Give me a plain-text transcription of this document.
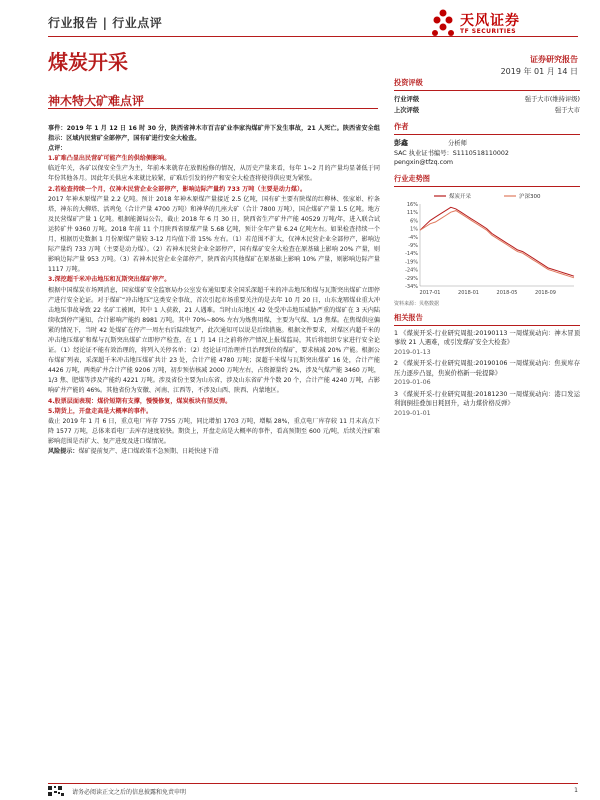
行业报告 | 行业点评	天风证券
TF SECURITIES
煤炭开采	证券研究报告
2019 年 01 月 14 日
神木特大矿难点评

事件：2019 年 1 月 12 日 16 时 30 分，陕西省神木市百吉矿业李家沟煤矿井下发生事故，21 人死亡。陕西省安全组指示：区域内民营矿全部停产，国有矿进行安全大检查。

点评：

1.矿难凸显出民营矿可能产生的供给侧影响。

临近年关，各矿以保安全生产为主，年前本来就存在放假检修的情况，从历史产量来看，每年 1~2 月的产量均显著低于同年份其他各月。因此年关供应本来就比较紧，矿难后引发的停产和安全大检查将使得供应更为紧张。

2.若检查持续一个月，仅神木民营企业全部停产，影响边际产量约 733 万吨（主要是动力煤）。

2017 年神木原煤产量 2.2 亿吨。预计 2018 年神木原煤产量接近 2.5 亿吨，国有矿主要有陕煤的红柳林、张家峁、柠条塔，神东的大柳塔、活鸡兔（合计产量 4700 万吨）和神华的几座大矿（合计 7800 万吨），国企煤矿产量 1.5 亿吨。地方及民营煤矿产量 1 亿吨。根据能源局公告，截止 2018 年 6 月 30 日，陕西省生产矿井产能 40529 万吨/年，进入联合试运转矿井 9360 万吨。2018 年前 11 个月陕西省原煤产量 5.68 亿吨，预计全年产量 6.24 亿吨左右。如果检查持续一个月，根据历史数据 1 月份原煤产量较 3-12 月均值下滑 15% 左右。（1）若范围不扩大，仅神木民营企业全部停产，影响边际产量约 733 万吨（主要是动力煤）。（2）若神木民营企业全部停产，国有煤矿安全大检查在原基础上影响 20% 产量，则影响边际产量 953 万吨。（3）若神木民营企业全部停产，陕西省内其他煤矿在原基础上影响 10% 产量，则影响边际产量 1117 万吨。

3.深挖超千米冲击地压和瓦斯突出煤矿停产。

根据中国煤炭市场网消息，国家煤矿安全监察局办公室发布通知要求全国采深超千米的冲击地压和煤与瓦斯突出煤矿立即停产进行安全论证。对于煤矿“冲击地压”这类安全事故，首次引起市场重要关注的是去年 10 月 20 日，山东龙郓煤业重大冲击地压事故导致 22 名矿工被困，其中 1 人获救，21 人遇难。当时山东地区 42 处受冲击地压威胁严重的煤矿在 3 天内陆续收到停产通知，合计影响产能约 8981 万吨。其中 70%~80% 左右为炼焦用煤，主要为气煤、1/3 焦煤。在焦煤供应偏紧的情况下，当时 42 处煤矿在停产一周左右后陆续复产，此次通知可以说是后续措施。根据文件要求，对煤区内超千米的冲击地压煤矿和煤与瓦斯突出煤矿立即停产检查，在 1 月 14 日之前将停产情况上报煤监局，其后将组织专家进行安全论证。（1）经论证不能有效治理的，将列入关停名单；（2）经论证可治理并且治理到位的煤矿，要求核减 20% 产能。根据公布煤矿列表，采深超千米冲击地压煤矿共计 23 处，合计产能 4780 万吨；深超千米煤与瓦斯突出煤矿 16 处，合计产能 4426 万吨，两类矿井合计产能 9206 万吨，初步预估核减 2000 万吨左右，占资源量约 2%，涉及气煤产能 3460 万吨，1/3 焦、肥煤等涉及产能约 4221 万吨。涉及省份主要为山东省，涉及山东省矿井个数 20 个，合计产能 4240 万吨，占影响矿井产能的 46%。其他省份为安徽、河南、江西等，不涉及山西、陕西、内蒙地区。

4.股票层面表现：煤价短期有支撑，慢慢修复，煤炭板块有望反弹。

5.期货上，开盘走高是大概率的事件。

截止 2019 年 1 月 6 日，重点电厂库存 7755 万吨，同比增加 1703 万吨，增幅 28%，重点电厂库存较 11 月末高点下降 1577 万吨，总体来看电厂去库存速度较快。期货上，开盘走高是大概率的事件，看高预期至 600 元/吨，后续关注矿难影响范围是否扩大、复产进度及进口煤情况。

风险提示：煤矿提前复产、进口煤政策不急预期、日耗快速下滑

投资评级
行业评级	强于大市(维持评级)
上次评级	强于大市
作者
彭鑫	分析师
SAC 执业证书编号：S1110518110002
pengxin@tfzq.com
行业走势图
16%
11%
6%
1%
-4%
-9%
-14%
-19%
-24%
-29%
-34%
2017-01	2018-01	2018-05	2018-09
煤炭开采	沪深300
资料来源：贝格数据
相关报告
1 《煤炭开采-行业研究周报:20190113 一周煤炭动向：神木冒顶事故 21 人遇难，或引发煤矿安全大检查》
2019-01-13
2 《煤炭开采-行业研究周报:20190106 一周煤炭动向：焦炭库存压力逐步凸显，焦炭价格新一轮提降》
2019-01-06
3 《煤炭开采-行业研究周报:20181230 一周煤炭动向：港口发运利润倒挂叠加日耗回升，动力煤价格反弹》
2019-01-01
请务必阅读正文之后的信息披露和免责申明	1
